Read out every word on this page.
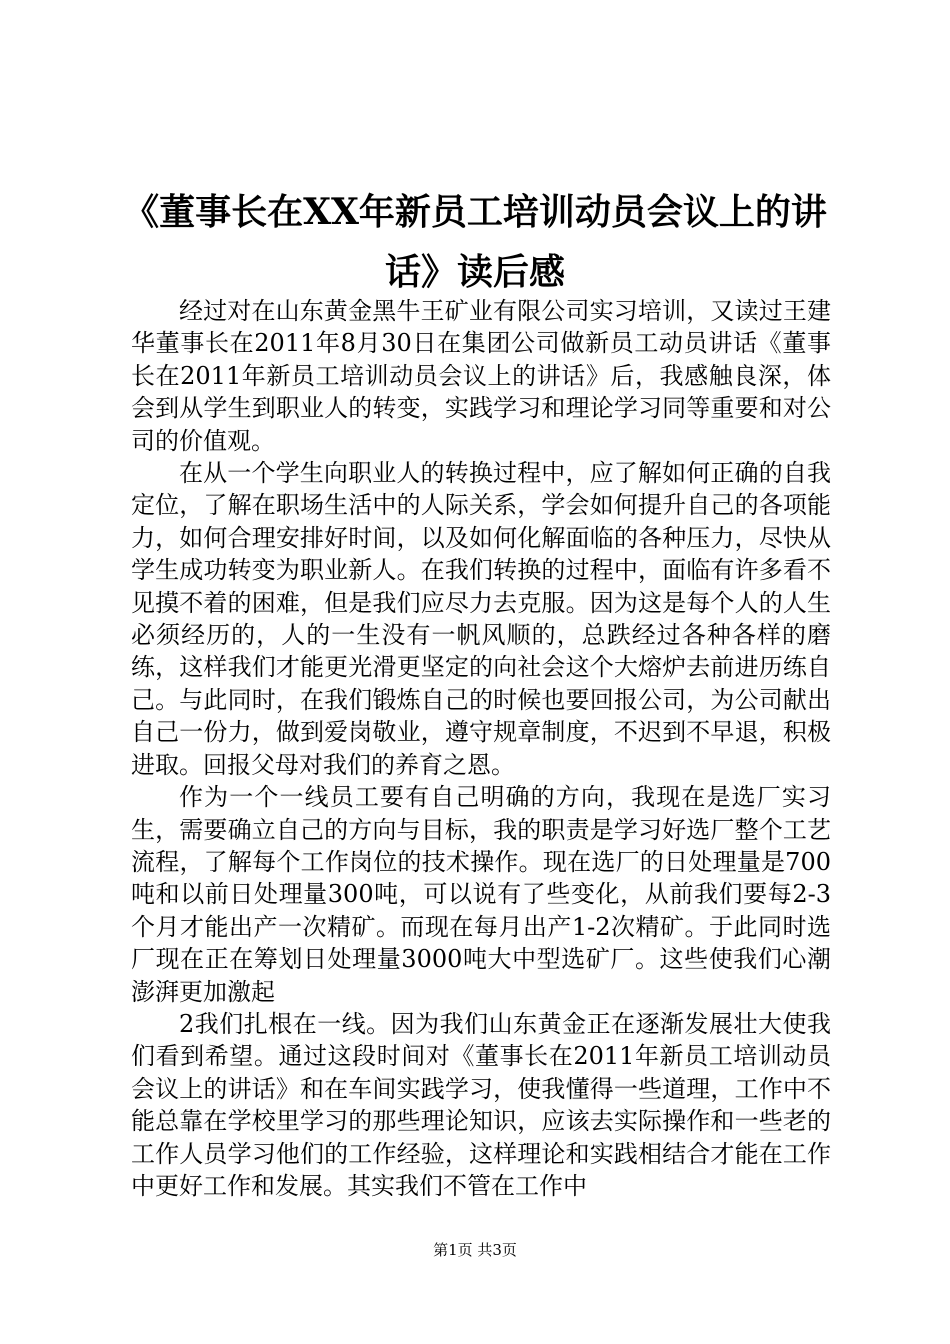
《董事长在XX年新员工培训动员会议上的讲话》读后感

经过对在山东黄金黑牛王矿业有限公司实习培训，又读过王建华董事长在2011年8月30日在集团公司做新员工动员讲话《董事长在2011年新员工培训动员会议上的讲话》后，我感触良深，体会到从学生到职业人的转变，实践学习和理论学习同等重要和对公司的价值观。

在从一个学生向职业人的转换过程中，应了解如何正确的自我定位，了解在职场生活中的人际关系，学会如何提升自己的各项能力，如何合理安排好时间，以及如何化解面临的各种压力，尽快从学生成功转变为职业新人。在我们转换的过程中，面临有许多看不见摸不着的困难，但是我们应尽力去克服。因为这是每个人的人生必须经历的，人的一生没有一帆风顺的，总跌经过各种各样的磨练，这样我们才能更光滑更坚定的向社会这个大熔炉去前进历练自己。与此同时，在我们锻炼自己的时候也要回报公司，为公司献出自己一份力，做到爱岗敬业，遵守规章制度，不迟到不早退，积极进取。回报父母对我们的养育之恩。

作为一个一线员工要有自己明确的方向，我现在是选厂实习生，需要确立自己的方向与目标，我的职责是学习好选厂整个工艺流程，了解每个工作岗位的技术操作。现在选厂的日处理量是700吨和以前日处理量300吨，可以说有了些变化，从前我们要每2-3个月才能出产一次精矿。而现在每月出产1-2次精矿。于此同时选厂现在正在筹划日处理量3000吨大中型选矿厂。这些使我们心潮澎湃更加激起

2我们扎根在一线。因为我们山东黄金正在逐渐发展壮大使我们看到希望。通过这段时间对《董事长在2011年新员工培训动员会议上的讲话》和在车间实践学习，使我懂得一些道理，工作中不能总靠在学校里学习的那些理论知识，应该去实际操作和一些老的工作人员学习他们的工作经验，这样理论和实践相结合才能在工作中更好工作和发展。其实我们不管在工作中

第1页 共3页
